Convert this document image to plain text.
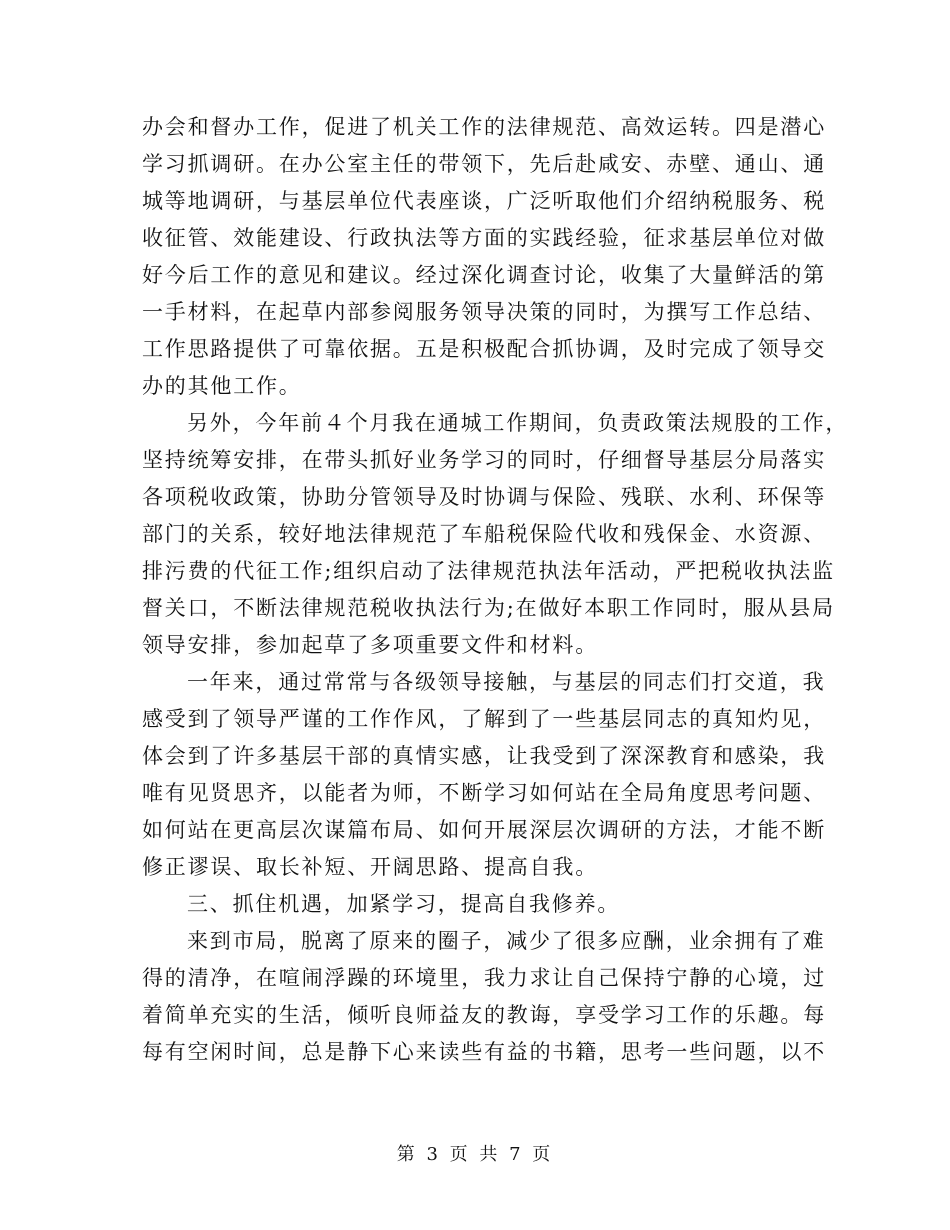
办会和督办工作，促进了机关工作的法律规范、高效运转。四是潜心
学习抓调研。在办公室主任的带领下，先后赴咸安、赤壁、通山、通
城等地调研，与基层单位代表座谈，广泛听取他们介绍纳税服务、税
收征管、效能建设、行政执法等方面的实践经验，征求基层单位对做
好今后工作的意见和建议。经过深化调查讨论，收集了大量鲜活的第
一手材料，在起草内部参阅服务领导决策的同时，为撰写工作总结、
工作思路提供了可靠依据。五是积极配合抓协调，及时完成了领导交
办的其他工作。
另外，今年前４个月我在通城工作期间，负责政策法规股的工作，
坚持统筹安排，在带头抓好业务学习的同时，仔细督导基层分局落实
各项税收政策，协助分管领导及时协调与保险、残联、水利、环保等
部门的关系，较好地法律规范了车船税保险代收和残保金、水资源、
排污费的代征工作;组织启动了法律规范执法年活动，严把税收执法监
督关口，不断法律规范税收执法行为;在做好本职工作同时，服从县局
领导安排，参加起草了多项重要文件和材料。
一年来，通过常常与各级领导接触，与基层的同志们打交道，我
感受到了领导严谨的工作作风，了解到了一些基层同志的真知灼见，
体会到了许多基层干部的真情实感，让我受到了深深教育和感染，我
唯有见贤思齐，以能者为师，不断学习如何站在全局角度思考问题、
如何站在更高层次谋篇布局、如何开展深层次调研的方法，才能不断
修正谬误、取长补短、开阔思路、提高自我。
三、抓住机遇，加紧学习，提高自我修养。
来到市局，脱离了原来的圈子，减少了很多应酬，业余拥有了难
得的清净，在喧闹浮躁的环境里，我力求让自己保持宁静的心境，过
着简单充实的生活，倾听良师益友的教诲，享受学习工作的乐趣。每
每有空闲时间，总是静下心来读些有益的书籍，思考一些问题，以不
第 3 页 共 7 页
